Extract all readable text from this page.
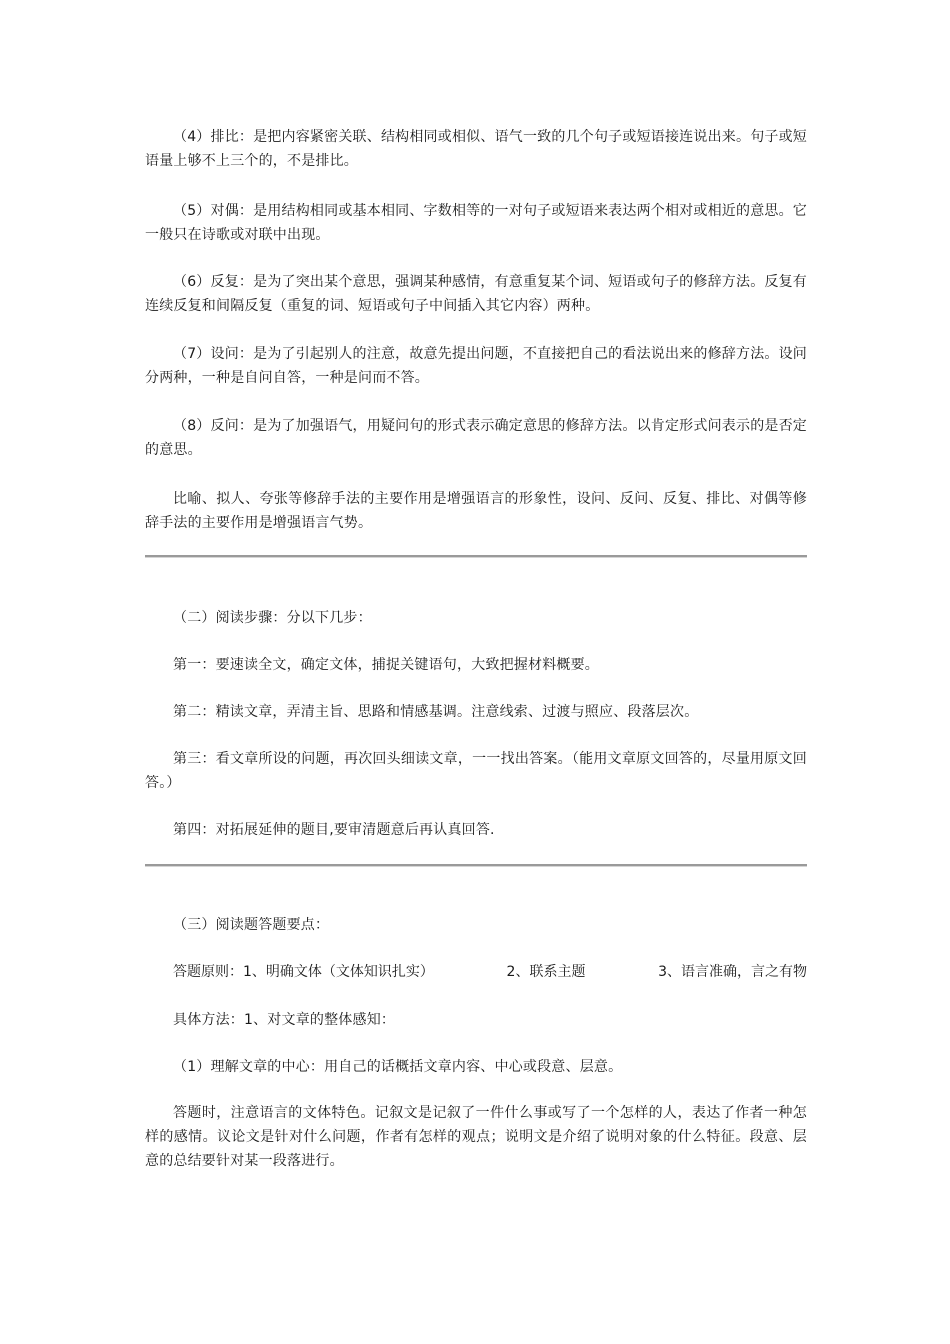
（4）排比：是把内容紧密关联、结构相同或相似、语气一致的几个句子或短语接连说出来。句子或短语量上够不上三个的，不是排比。

（5）对偶：是用结构相同或基本相同、字数相等的一对句子或短语来表达两个相对或相近的意思。它一般只在诗歌或对联中出现。

（6）反复：是为了突出某个意思，强调某种感情，有意重复某个词、短语或句子的修辞方法。反复有连续反复和间隔反复（重复的词、短语或句子中间插入其它内容）两种。

（7）设问：是为了引起别人的注意，故意先提出问题，不直接把自己的看法说出来的修辞方法。设问分两种，一种是自问自答，一种是问而不答。

（8）反问：是为了加强语气，用疑问句的形式表示确定意思的修辞方法。以肯定形式问表示的是否定的意思。

比喻、拟人、夸张等修辞手法的主要作用是增强语言的形象性，设问、反问、反复、排比、对偶等修辞手法的主要作用是增强语言气势。

（二）阅读步骤：分以下几步：

第一：要速读全文，确定文体，捕捉关键语句，大致把握材料概要。

第二：精读文章，弄清主旨、思路和情感基调。注意线索、过渡与照应、段落层次。

第三：看文章所设的问题，再次回头细读文章，一一找出答案。（能用文章原文回答的，尽量用原文回答。）

第四：对拓展延伸的题目,要审清题意后再认真回答.

（三）阅读题答题要点：

答题原则：1、明确文体（文体知识扎实）	2、联系主题	3、语言准确，言之有物

具体方法：1、对文章的整体感知：

（1）理解文章的中心：用自己的话概括文章内容、中心或段意、层意。

答题时，注意语言的文体特色。记叙文是记叙了一件什么事或写了一个怎样的人，表达了作者一种怎样的感情。议论文是针对什么问题，作者有怎样的观点；说明文是介绍了说明对象的什么特征。段意、层意的总结要针对某一段落进行。
